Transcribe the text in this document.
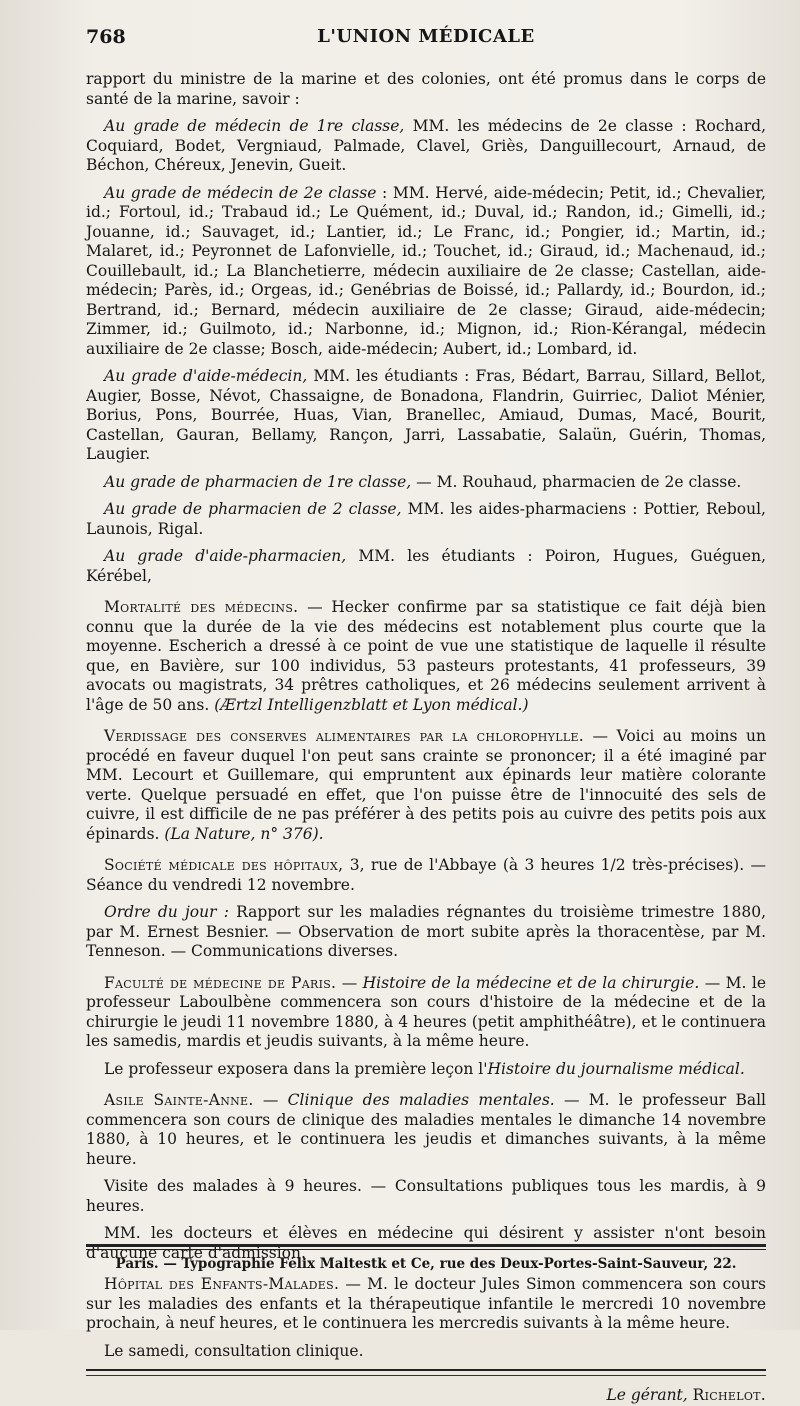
768	L'UNION MÉDICALE

rapport du ministre de la marine et des colonies, ont été promus dans le corps de santé de la marine, savoir :

Au grade de médecin de 1re classe, MM. les médecins de 2e classe : Rochard, Coquiard, Bodet, Vergniaud, Palmade, Clavel, Griès, Danguillecourt, Arnaud, de Béchon, Chéreux, Jenevin, Gueit.

Au grade de médecin de 2e classe : MM. Hervé, aide-médecin; Petit, id.; Chevalier, id.; Fortoul, id.; Trabaud id.; Le Quément, id.; Duval, id.; Randon, id.; Gimelli, id.; Jouanne, id.; Sauvaget, id.; Lantier, id.; Le Franc, id.; Pongier, id.; Martin, id.; Malaret, id.; Peyronnet de Lafonvielle, id.; Touchet, id.; Giraud, id.; Machenaud, id.; Couillebault, id.; La Blanchetierre, médecin auxiliaire de 2e classe; Castellan, aide-médecin; Parès, id.; Orgeas, id.; Genébrias de Boissé, id.; Pallardy, id.; Bourdon, id.; Bertrand, id.; Bernard, médecin auxiliaire de 2e classe; Giraud, aide-médecin; Zimmer, id.; Guilmoto, id.; Narbonne, id.; Mignon, id.; Rion-Kérangal, médecin auxiliaire de 2e classe; Bosch, aide-médecin; Aubert, id.; Lombard, id.

Au grade d'aide-médecin, MM. les étudiants : Fras, Bédart, Barrau, Sillard, Bellot, Augier, Bosse, Névot, Chassaigne, de Bonadona, Flandrin, Guirriec, Daliot Ménier, Borius, Pons, Bourrée, Huas, Vian, Branellec, Amiaud, Dumas, Macé, Bourit, Castellan, Gauran, Bellamy, Rançon, Jarri, Lassabatie, Salaün, Guérin, Thomas, Laugier.

Au grade de pharmacien de 1re classe, — M. Rouhaud, pharmacien de 2e classe.

Au grade de pharmacien de 2 classe, MM. les aides-pharmaciens : Pottier, Reboul, Launois, Rigal.

Au grade d'aide-pharmacien, MM. les étudiants : Poiron, Hugues, Guéguen, Kérébel,

Mortalité des médecins. — Hecker confirme par sa statistique ce fait déjà bien connu que la durée de la vie des médecins est notablement plus courte que la moyenne. Escherich a dressé à ce point de vue une statistique de laquelle il résulte que, en Bavière, sur 100 individus, 53 pasteurs protestants, 41 professeurs, 39 avocats ou magistrats, 34 prêtres catholiques, et 26 médecins seulement arrivent à l'âge de 50 ans. (Ærtzl Intelligenzblatt et Lyon médical.)

Verdissage des conserves alimentaires par la chlorophylle. — Voici au moins un procédé en faveur duquel l'on peut sans crainte se prononcer; il a été imaginé par MM. Lecourt et Guillemare, qui empruntent aux épinards leur matière colorante verte. Quelque persuadé en effet, que l'on puisse être de l'innocuité des sels de cuivre, il est difficile de ne pas préférer à des petits pois au cuivre des petits pois aux épinards. (La Nature, n° 376).

Société médicale des hôpitaux, 3, rue de l'Abbaye (à 3 heures 1/2 très-précises). — Séance du vendredi 12 novembre.

Ordre du jour : Rapport sur les maladies régnantes du troisième trimestre 1880, par M. Ernest Besnier. — Observation de mort subite après la thoracentèse, par M. Tenneson. — Communications diverses.

Faculté de médecine de Paris. — Histoire de la médecine et de la chirurgie. — M. le professeur Laboulbène commencera son cours d'histoire de la médecine et de la chirurgie le jeudi 11 novembre 1880, à 4 heures (petit amphithéâtre), et le continuera les samedis, mardis et jeudis suivants, à la même heure.

Le professeur exposera dans la première leçon l'Histoire du journalisme médical.

Asile Sainte-Anne. — Clinique des maladies mentales. — M. le professeur Ball commencera son cours de clinique des maladies mentales le dimanche 14 novembre 1880, à 10 heures, et le continuera les jeudis et dimanches suivants, à la même heure.

Visite des malades à 9 heures. — Consultations publiques tous les mardis, à 9 heures.

MM. les docteurs et élèves en médecine qui désirent y assister n'ont besoin d'aucune carte d'admission.

Hôpital des Enfants-Malades. — M. le docteur Jules Simon commencera son cours sur les maladies des enfants et la thérapeutique infantile le mercredi 10 novembre prochain, à neuf heures, et le continuera les mercredis suivants à la même heure.

Le samedi, consultation clinique.

Le gérant, Richelot.
Paris. — Typographie Félix Maltestk et Ce, rue des Deux-Portes-Saint-Sauveur, 22.
